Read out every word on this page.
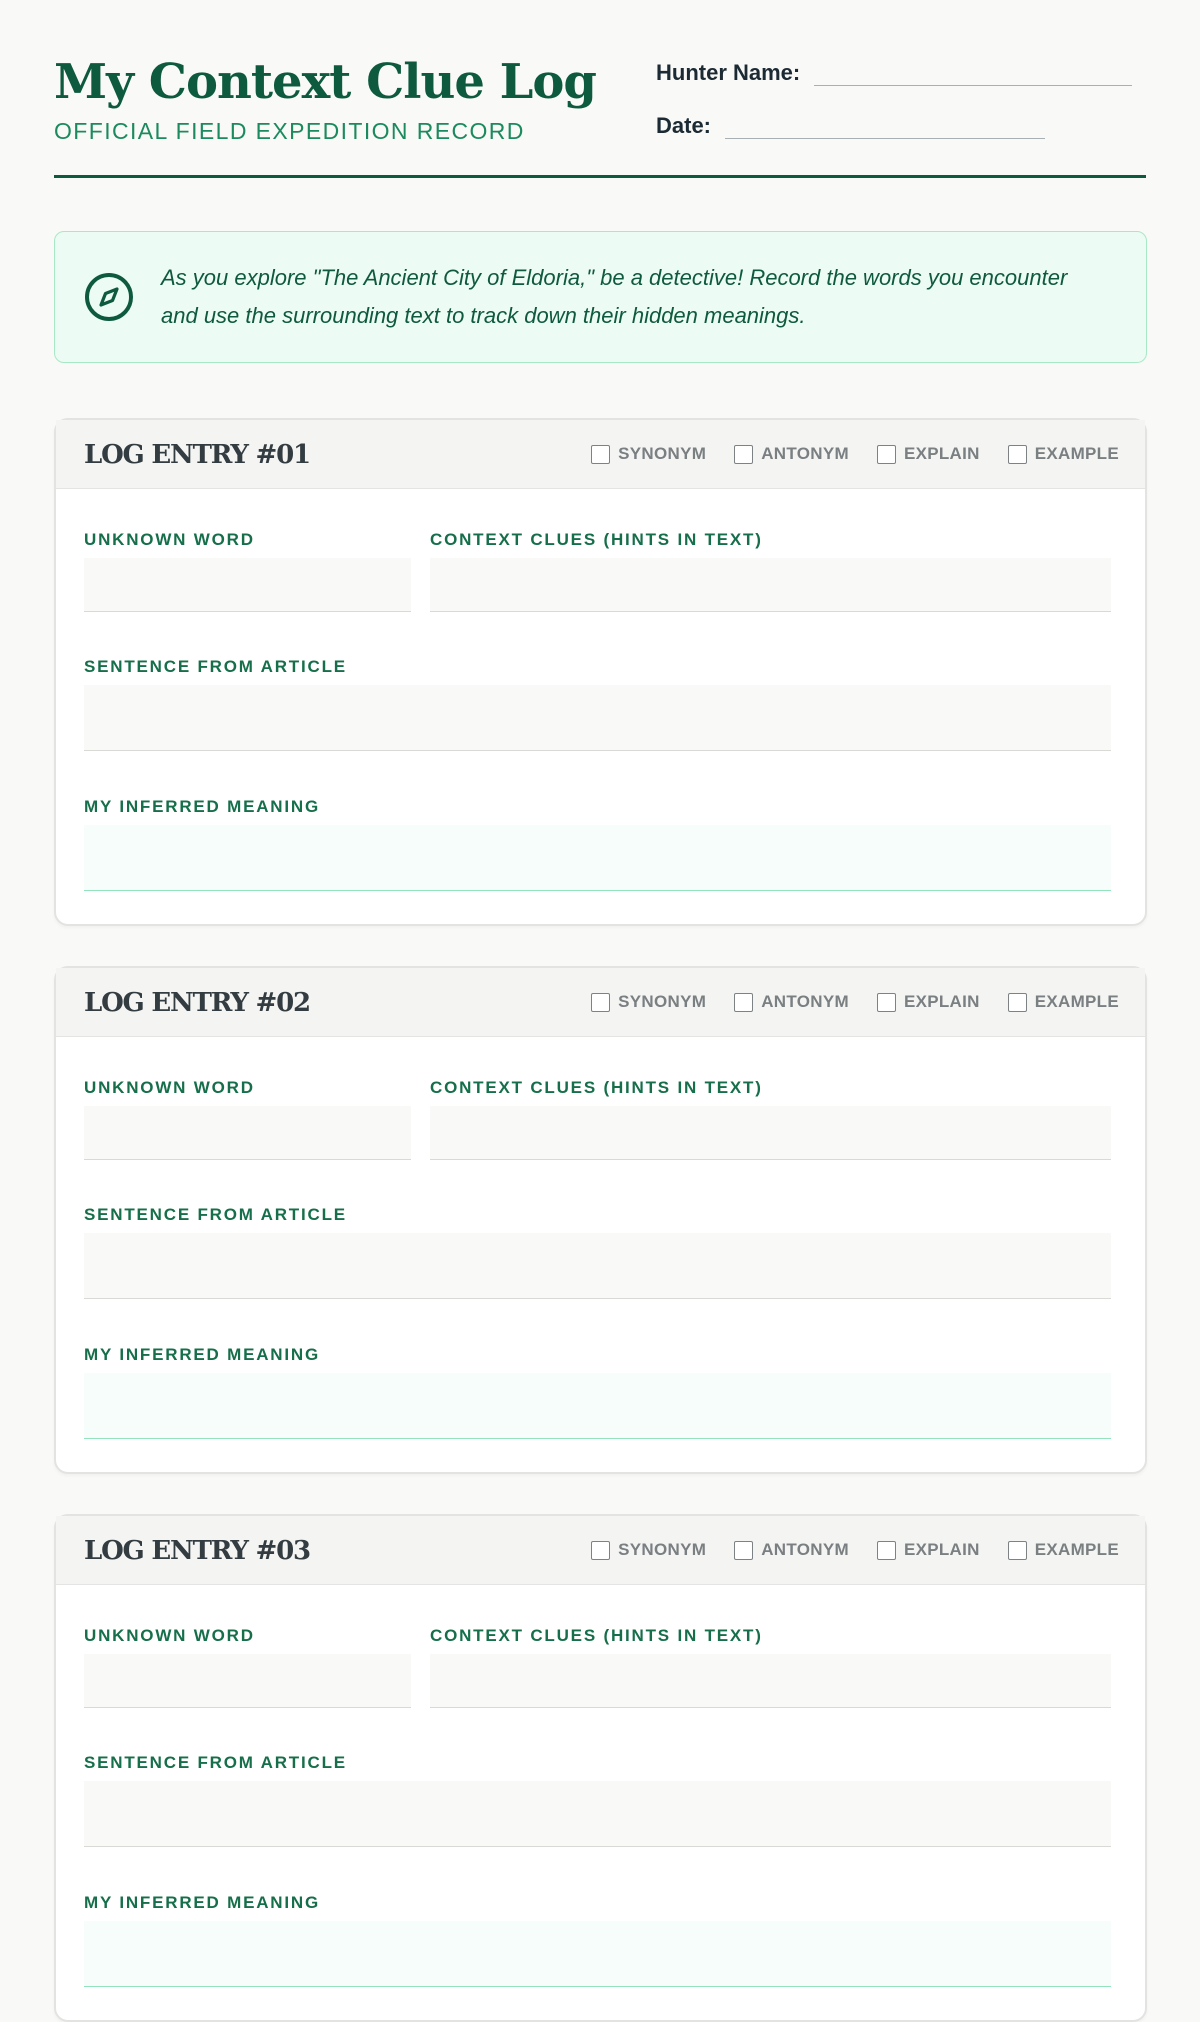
My Context Clue Log
OFFICIAL FIELD EXPEDITION RECORD
Hunter Name:
Date:
As you explore "The Ancient City of Eldoria," be a detective! Record the words you encounter and use the surrounding text to track down their hidden meanings.
LOG ENTRY #01	SYNONYM	ANTONYM	EXPLAIN	EXAMPLE
UNKNOWN WORD	CONTEXT CLUES (HINTS IN TEXT)
SENTENCE FROM ARTICLE
MY INFERRED MEANING
LOG ENTRY #02	SYNONYM	ANTONYM	EXPLAIN	EXAMPLE
UNKNOWN WORD	CONTEXT CLUES (HINTS IN TEXT)
SENTENCE FROM ARTICLE
MY INFERRED MEANING
LOG ENTRY #03	SYNONYM	ANTONYM	EXPLAIN	EXAMPLE
UNKNOWN WORD	CONTEXT CLUES (HINTS IN TEXT)
SENTENCE FROM ARTICLE
MY INFERRED MEANING
